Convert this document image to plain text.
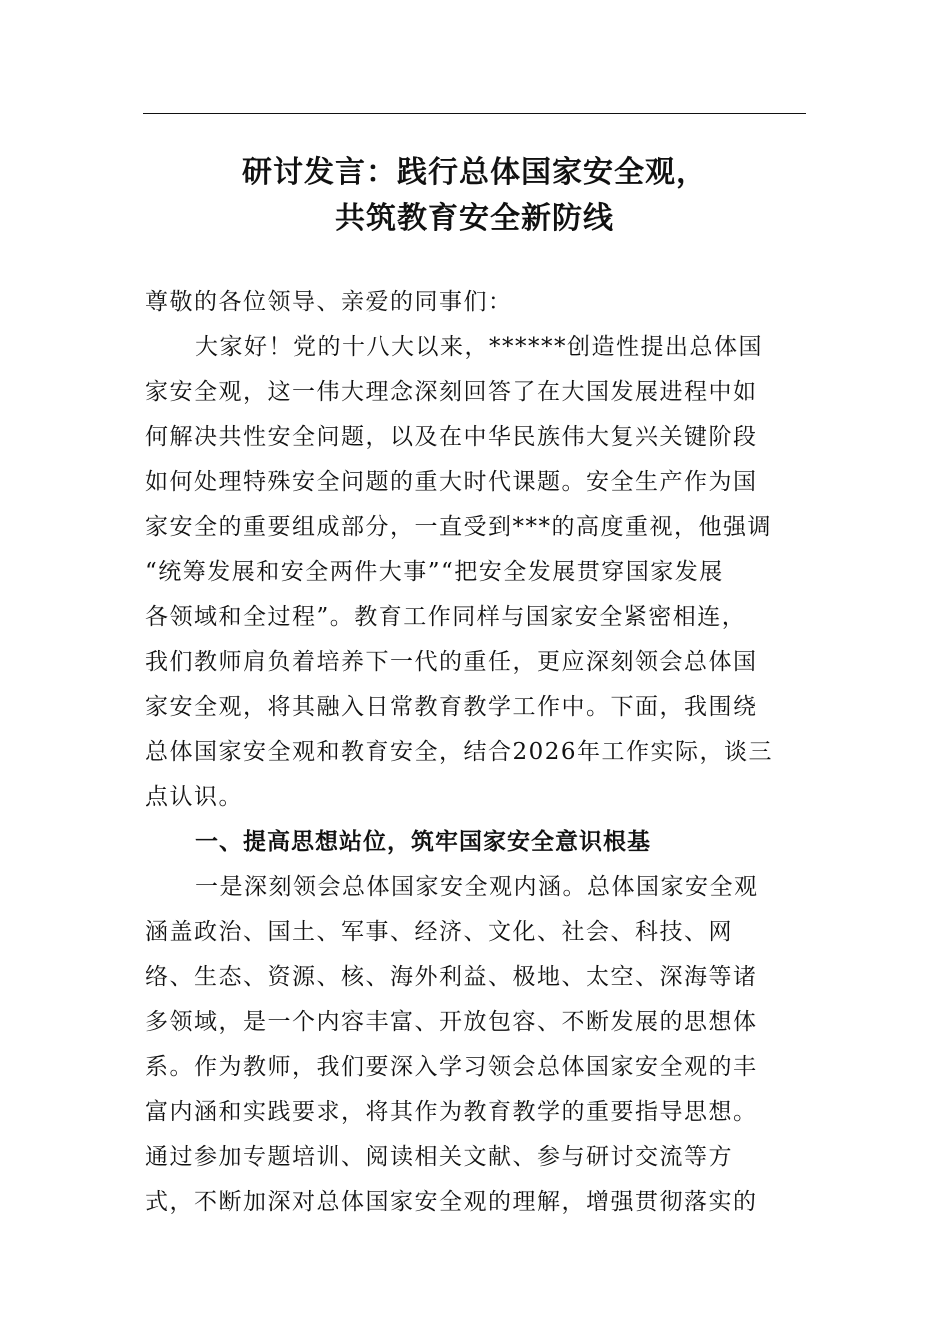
研讨发言：践行总体国家安全观，
共筑教育安全新防线
尊敬的各位领导、亲爱的同事们：
大家好！党的十八大以来，******创造性提出总体国
家安全观，这一伟大理念深刻回答了在大国发展进程中如
何解决共性安全问题，以及在中华民族伟大复兴关键阶段
如何处理特殊安全问题的重大时代课题。安全生产作为国
家安全的重要组成部分，一直受到***的高度重视，他强调
“统筹发展和安全两件大事”“把安全发展贯穿国家发展
各领域和全过程”。教育工作同样与国家安全紧密相连，
我们教师肩负着培养下一代的重任，更应深刻领会总体国
家安全观，将其融入日常教育教学工作中。下面，我围绕
总体国家安全观和教育安全，结合2026年工作实际，谈三
点认识。
一、提高思想站位，筑牢国家安全意识根基
一是深刻领会总体国家安全观内涵。总体国家安全观
涵盖政治、国土、军事、经济、文化、社会、科技、网
络、生态、资源、核、海外利益、极地、太空、深海等诸
多领域，是一个内容丰富、开放包容、不断发展的思想体
系。作为教师，我们要深入学习领会总体国家安全观的丰
富内涵和实践要求，将其作为教育教学的重要指导思想。
通过参加专题培训、阅读相关文献、参与研讨交流等方
式，不断加深对总体国家安全观的理解，增强贯彻落实的
